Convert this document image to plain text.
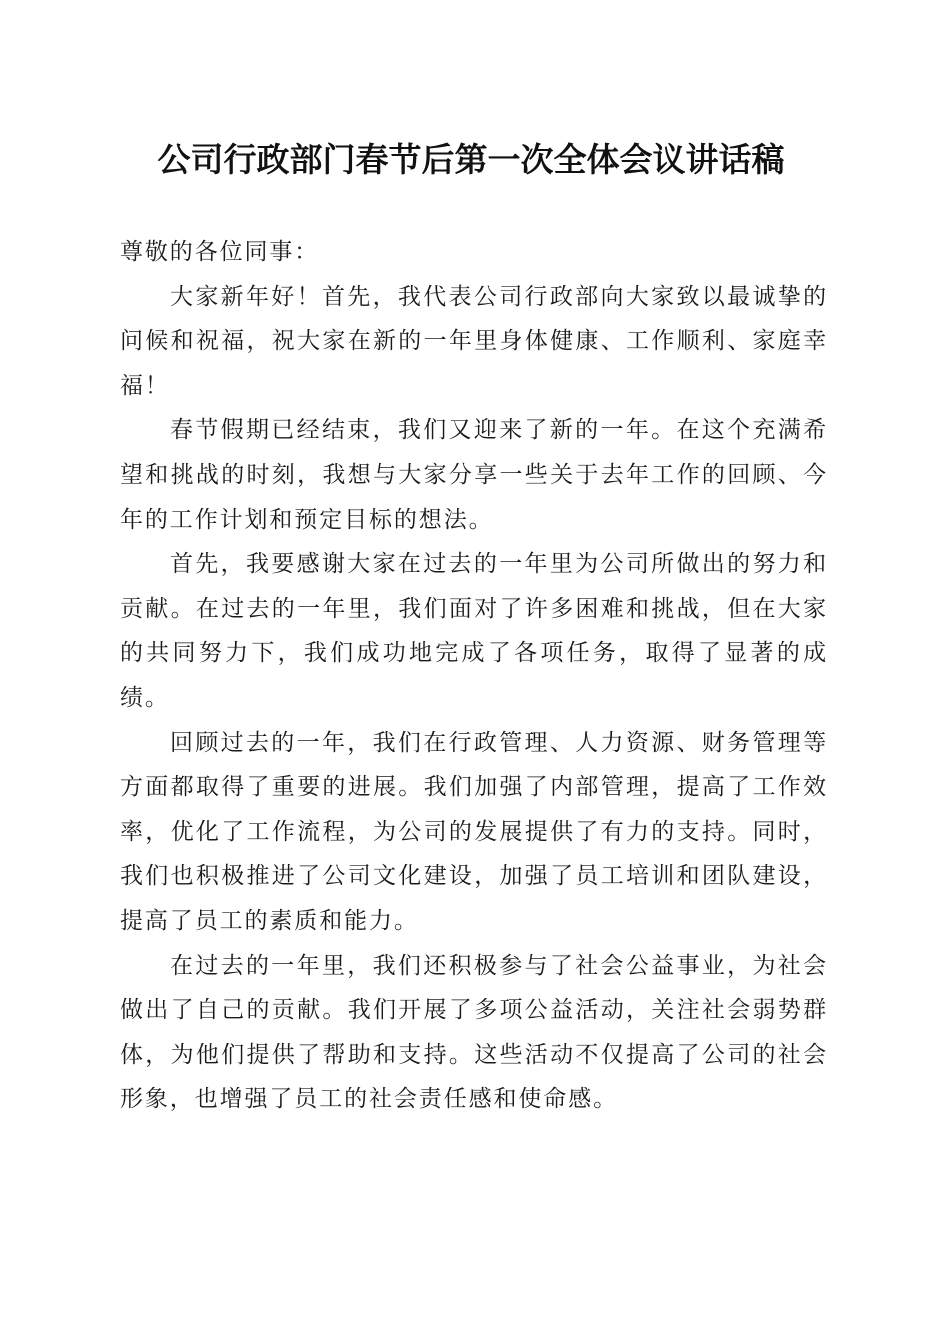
公司行政部门春节后第一次全体会议讲话稿

尊敬的各位同事：

大家新年好！首先，我代表公司行政部向大家致以最诚挚的问候和祝福，祝大家在新的一年里身体健康、工作顺利、家庭幸福！

春节假期已经结束，我们又迎来了新的一年。在这个充满希望和挑战的时刻，我想与大家分享一些关于去年工作的回顾、今年的工作计划和预定目标的想法。

首先，我要感谢大家在过去的一年里为公司所做出的努力和贡献。在过去的一年里，我们面对了许多困难和挑战，但在大家的共同努力下，我们成功地完成了各项任务，取得了显著的成绩。

回顾过去的一年，我们在行政管理、人力资源、财务管理等方面都取得了重要的进展。我们加强了内部管理，提高了工作效率，优化了工作流程，为公司的发展提供了有力的支持。同时，我们也积极推进了公司文化建设，加强了员工培训和团队建设，提高了员工的素质和能力。

在过去的一年里，我们还积极参与了社会公益事业，为社会做出了自己的贡献。我们开展了多项公益活动，关注社会弱势群体，为他们提供了帮助和支持。这些活动不仅提高了公司的社会形象，也增强了员工的社会责任感和使命感。
